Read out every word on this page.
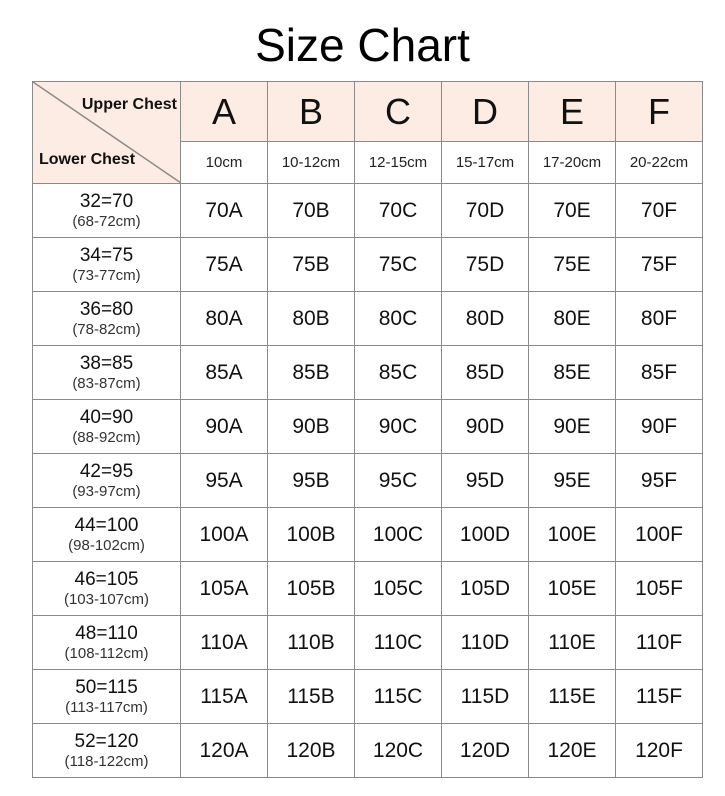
Size Chart
Upper Chest
Lower Chest	A	B	C	D	E	F
	10cm	10-12cm	12-15cm	15-17cm	17-20cm	20-22cm

32=70
(68-72cm)	70A	70B	70C	70D	70E	70F

34=75
(73-77cm)	75A	75B	75C	75D	75E	75F

36=80
(78-82cm)	80A	80B	80C	80D	80E	80F

38=85
(83-87cm)	85A	85B	85C	85D	85E	85F

40=90
(88-92cm)	90A	90B	90C	90D	90E	90F

42=95
(93-97cm)	95A	95B	95C	95D	95E	95F

44=100
(98-102cm)	100A	100B	100C	100D	100E	100F

46=105
(103-107cm)	105A	105B	105C	105D	105E	105F

48=110
(108-112cm)	110A	110B	110C	110D	110E	110F

50=115
(113-117cm)	115A	115B	115C	115D	115E	115F

52=120
(118-122cm)	120A	120B	120C	120D	120E	120F
